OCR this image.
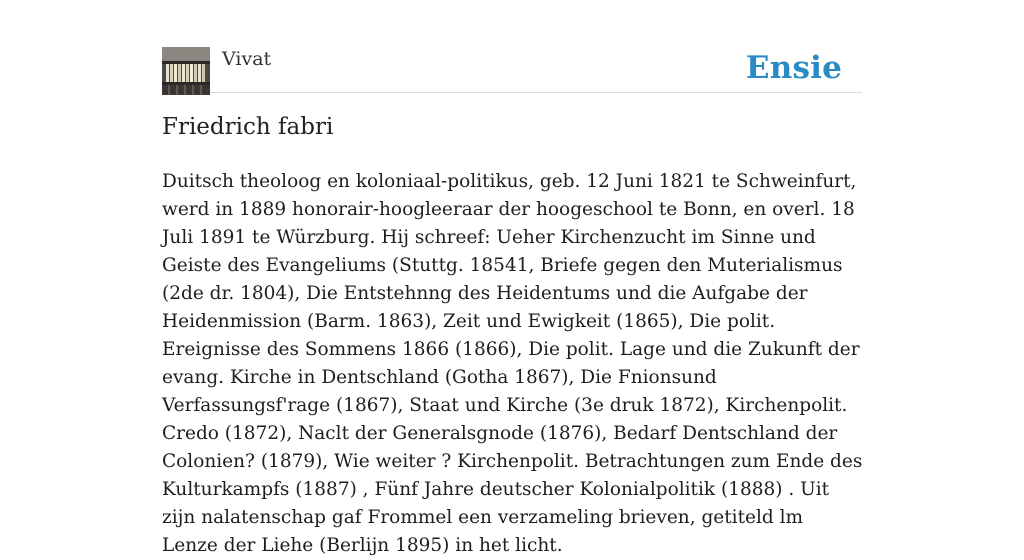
Vivat	Ensie
Friedrich fabri

Duitsch theoloog en koloniaal-politikus, geb. 12 Juni 1821 te Schweinfurt, werd in 1889 honorair-hoogleeraar der hoogeschool te Bonn, en overl. 18 Juli 1891 te Würzburg. Hij schreef: Ueher Kirchenzucht im Sinne und Geiste des Evangeliums (Stuttg. 18541, Briefe gegen den Muterialismus (2de dr. 1804), Die Entstehnng des Heidentums und die Aufgabe der Heidenmission (Barm. 1863), Zeit und Ewigkeit (1865), Die polit. Ereignisse des Sommens 1866 (1866), Die polit. Lage und die Zukunft der evang. Kirche in Dentschland (Gotha 1867), Die Fnionsund Verfassungsf'rage (1867), Staat und Kirche (3e druk 1872), Kirchenpolit. Credo (1872), Naclt der Generalsgnode (1876), Bedarf Dentschland der Colonien? (1879), Wie weiter ? Kirchenpolit. Betrachtungen zum Ende des Kulturkampfs (1887) , Fünf Jahre deutscher Kolonialpolitik (1888) . Uit zijn nalatenschap gaf Frommel een verzameling brieven, getiteld lm Lenze der Liehe (Berlijn 1895) in het licht.
